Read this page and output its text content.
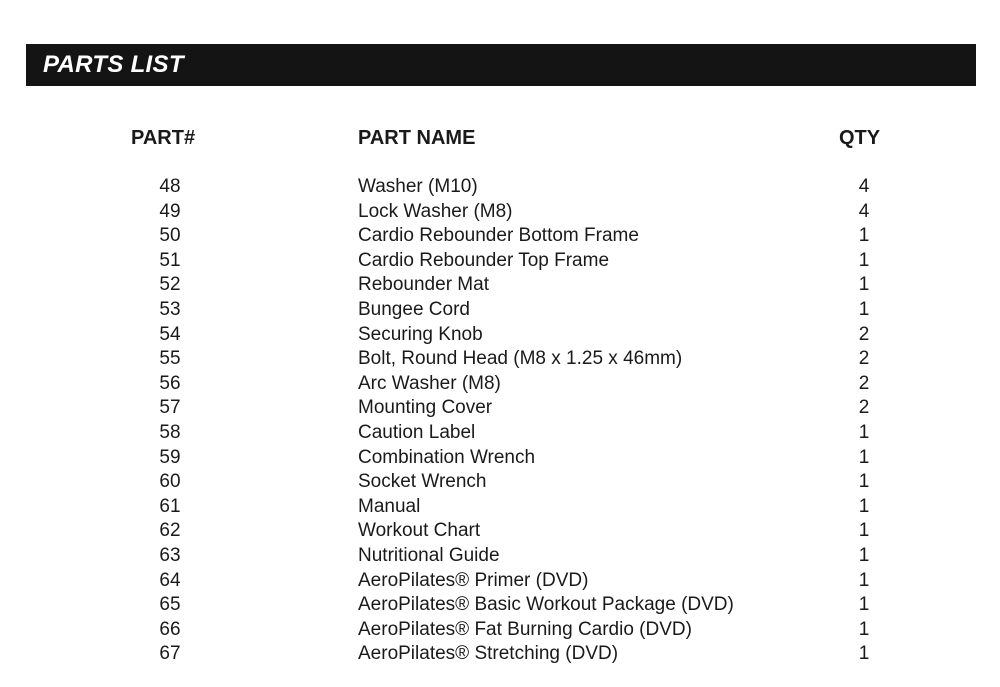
PARTS LIST
PART#	PART NAME	QTY
48	Washer (M10)	4
49	Lock Washer (M8)	4
50	Cardio Rebounder Bottom Frame	1
51	Cardio Rebounder Top Frame	1
52	Rebounder Mat	1
53	Bungee Cord	1
54	Securing Knob	2
55	Bolt, Round Head (M8 x 1.25 x 46mm)	2
56	Arc Washer (M8)	2
57	Mounting Cover	2
58	Caution Label	1
59	Combination Wrench	1
60	Socket Wrench	1
61	Manual	1
62	Workout Chart	1
63	Nutritional Guide	1
64	AeroPilates® Primer (DVD)	1
65	AeroPilates® Basic Workout Package (DVD)	1
66	AeroPilates® Fat Burning Cardio (DVD)	1
67	AeroPilates® Stretching (DVD)	1
